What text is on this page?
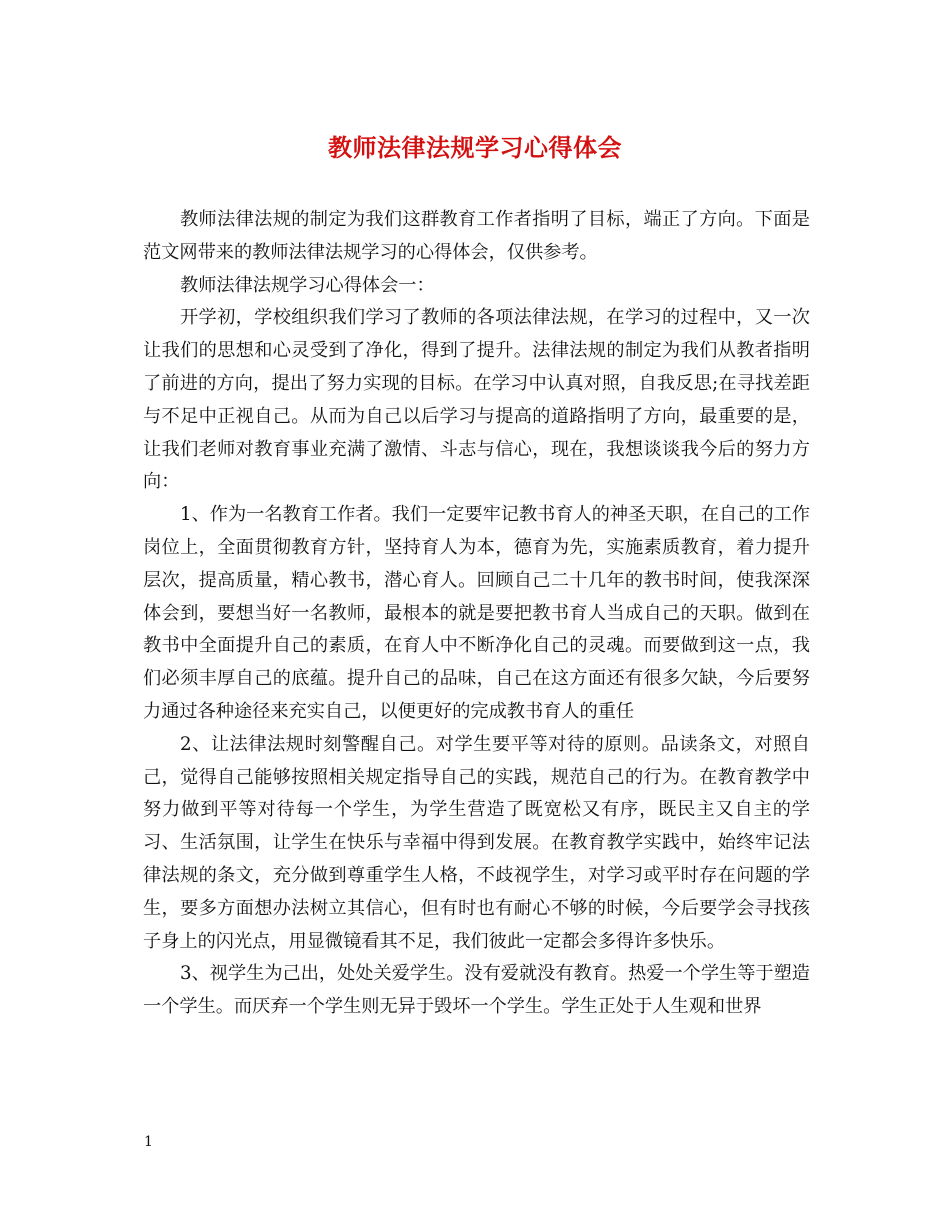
教师法律法规学习心得体会

教师法律法规的制定为我们这群教育工作者指明了目标，端正了方向。下面是范文网带来的教师法律法规学习的心得体会，仅供参考。

教师法律法规学习心得体会一：

开学初，学校组织我们学习了教师的各项法律法规，在学习的过程中，又一次让我们的思想和心灵受到了净化，得到了提升。法律法规的制定为我们从教者指明了前进的方向，提出了努力实现的目标。在学习中认真对照，自我反思;在寻找差距与不足中正视自己。从而为自己以后学习与提高的道路指明了方向，最重要的是，让我们老师对教育事业充满了激情、斗志与信心，现在，我想谈谈我今后的努力方向：

1、作为一名教育工作者。我们一定要牢记教书育人的神圣天职，在自己的工作岗位上，全面贯彻教育方针，坚持育人为本，德育为先，实施素质教育，着力提升层次，提高质量，精心教书，潜心育人。回顾自己二十几年的教书时间，使我深深体会到，要想当好一名教师，最根本的就是要把教书育人当成自己的天职。做到在教书中全面提升自己的素质，在育人中不断净化自己的灵魂。而要做到这一点，我们必须丰厚自己的底蕴。提升自己的品味，自己在这方面还有很多欠缺，今后要努力通过各种途径来充实自己，以便更好的完成教书育人的重任

2、让法律法规时刻警醒自己。对学生要平等对待的原则。品读条文，对照自己，觉得自己能够按照相关规定指导自己的实践，规范自己的行为。在教育教学中努力做到平等对待每一个学生，为学生营造了既宽松又有序，既民主又自主的学习、生活氛围，让学生在快乐与幸福中得到发展。在教育教学实践中，始终牢记法律法规的条文，充分做到尊重学生人格，不歧视学生，对学习或平时存在问题的学生，要多方面想办法树立其信心，但有时也有耐心不够的时候，今后要学会寻找孩子身上的闪光点，用显微镜看其不足，我们彼此一定都会多得许多快乐。

3、视学生为己出，处处关爱学生。没有爱就没有教育。热爱一个学生等于塑造一个学生。而厌弃一个学生则无异于毁坏一个学生。学生正处于人生观和世界

1
